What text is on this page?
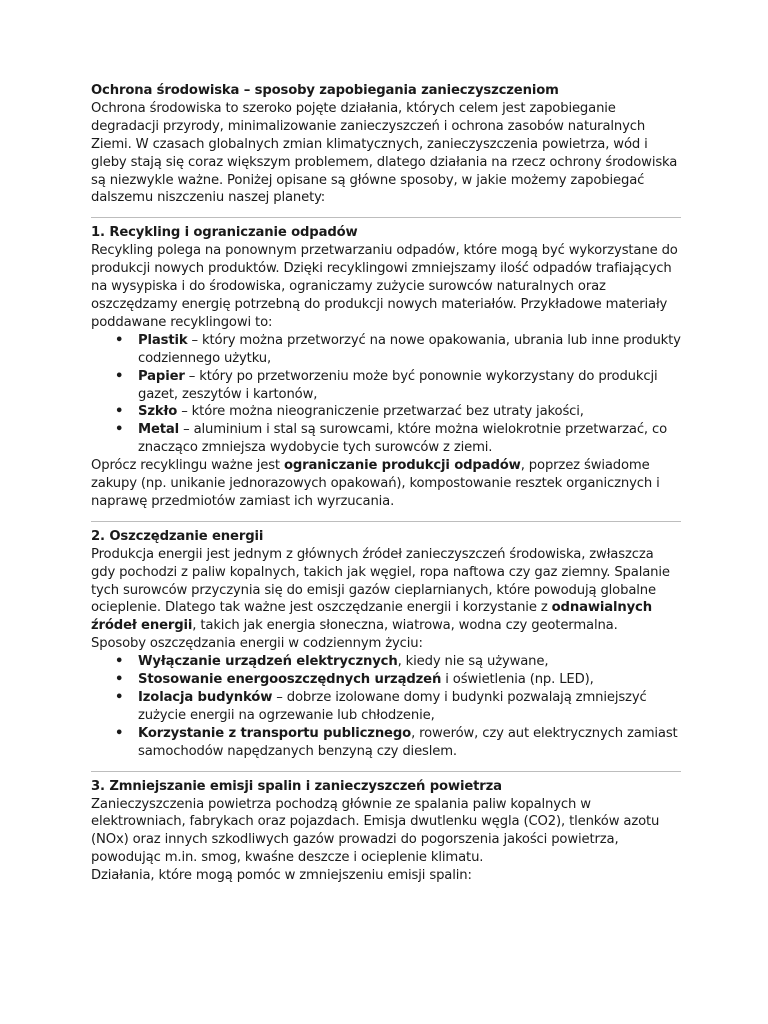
Ochrona środowiska – sposoby zapobiegania zanieczyszczeniom

Ochrona środowiska to szeroko pojęte działania, których celem jest zapobieganie degradacji przyrody, minimalizowanie zanieczyszczeń i ochrona zasobów naturalnych Ziemi. W czasach globalnych zmian klimatycznych, zanieczyszczenia powietrza, wód i gleby stają się coraz większym problemem, dlatego działania na rzecz ochrony środowiska są niezwykle ważne. Poniżej opisane są główne sposoby, w jakie możemy zapobiegać dalszemu niszczeniu naszej planety:

1. Recykling i ograniczanie odpadów

Recykling polega na ponownym przetwarzaniu odpadów, które mogą być wykorzystane do produkcji nowych produktów. Dzięki recyklingowi zmniejszamy ilość odpadów trafiających na wysypiska i do środowiska, ograniczamy zużycie surowców naturalnych oraz oszczędzamy energię potrzebną do produkcji nowych materiałów. Przykładowe materiały poddawane recyklingowi to:

• Plastik – który można przetworzyć na nowe opakowania, ubrania lub inne produkty codziennego użytku,
• Papier – który po przetworzeniu może być ponownie wykorzystany do produkcji gazet, zeszytów i kartonów,
• Szkło – które można nieograniczenie przetwarzać bez utraty jakości,
• Metal – aluminium i stal są surowcami, które można wielokrotnie przetwarzać, co znacząco zmniejsza wydobycie tych surowców z ziemi.

Oprócz recyklingu ważne jest ograniczanie produkcji odpadów, poprzez świadome zakupy (np. unikanie jednorazowych opakowań), kompostowanie resztek organicznych i naprawę przedmiotów zamiast ich wyrzucania.

2. Oszczędzanie energii

Produkcja energii jest jednym z głównych źródeł zanieczyszczeń środowiska, zwłaszcza gdy pochodzi z paliw kopalnych, takich jak węgiel, ropa naftowa czy gaz ziemny. Spalanie tych surowców przyczynia się do emisji gazów cieplarnianych, które powodują globalne ocieplenie. Dlatego tak ważne jest oszczędzanie energii i korzystanie z odnawialnych źródeł energii, takich jak energia słoneczna, wiatrowa, wodna czy geotermalna.

Sposoby oszczędzania energii w codziennym życiu:

• Wyłączanie urządzeń elektrycznych, kiedy nie są używane,
• Stosowanie energooszczędnych urządzeń i oświetlenia (np. LED),
• Izolacja budynków – dobrze izolowane domy i budynki pozwalają zmniejszyć zużycie energii na ogrzewanie lub chłodzenie,
• Korzystanie z transportu publicznego, rowerów, czy aut elektrycznych zamiast samochodów napędzanych benzyną czy dieslem.

3. Zmniejszanie emisji spalin i zanieczyszczeń powietrza

Zanieczyszczenia powietrza pochodzą głównie ze spalania paliw kopalnych w elektrowniach, fabrykach oraz pojazdach. Emisja dwutlenku węgla (CO2), tlenków azotu (NOx) oraz innych szkodliwych gazów prowadzi do pogorszenia jakości powietrza, powodując m.in. smog, kwaśne deszcze i ocieplenie klimatu.

Działania, które mogą pomóc w zmniejszeniu emisji spalin:
